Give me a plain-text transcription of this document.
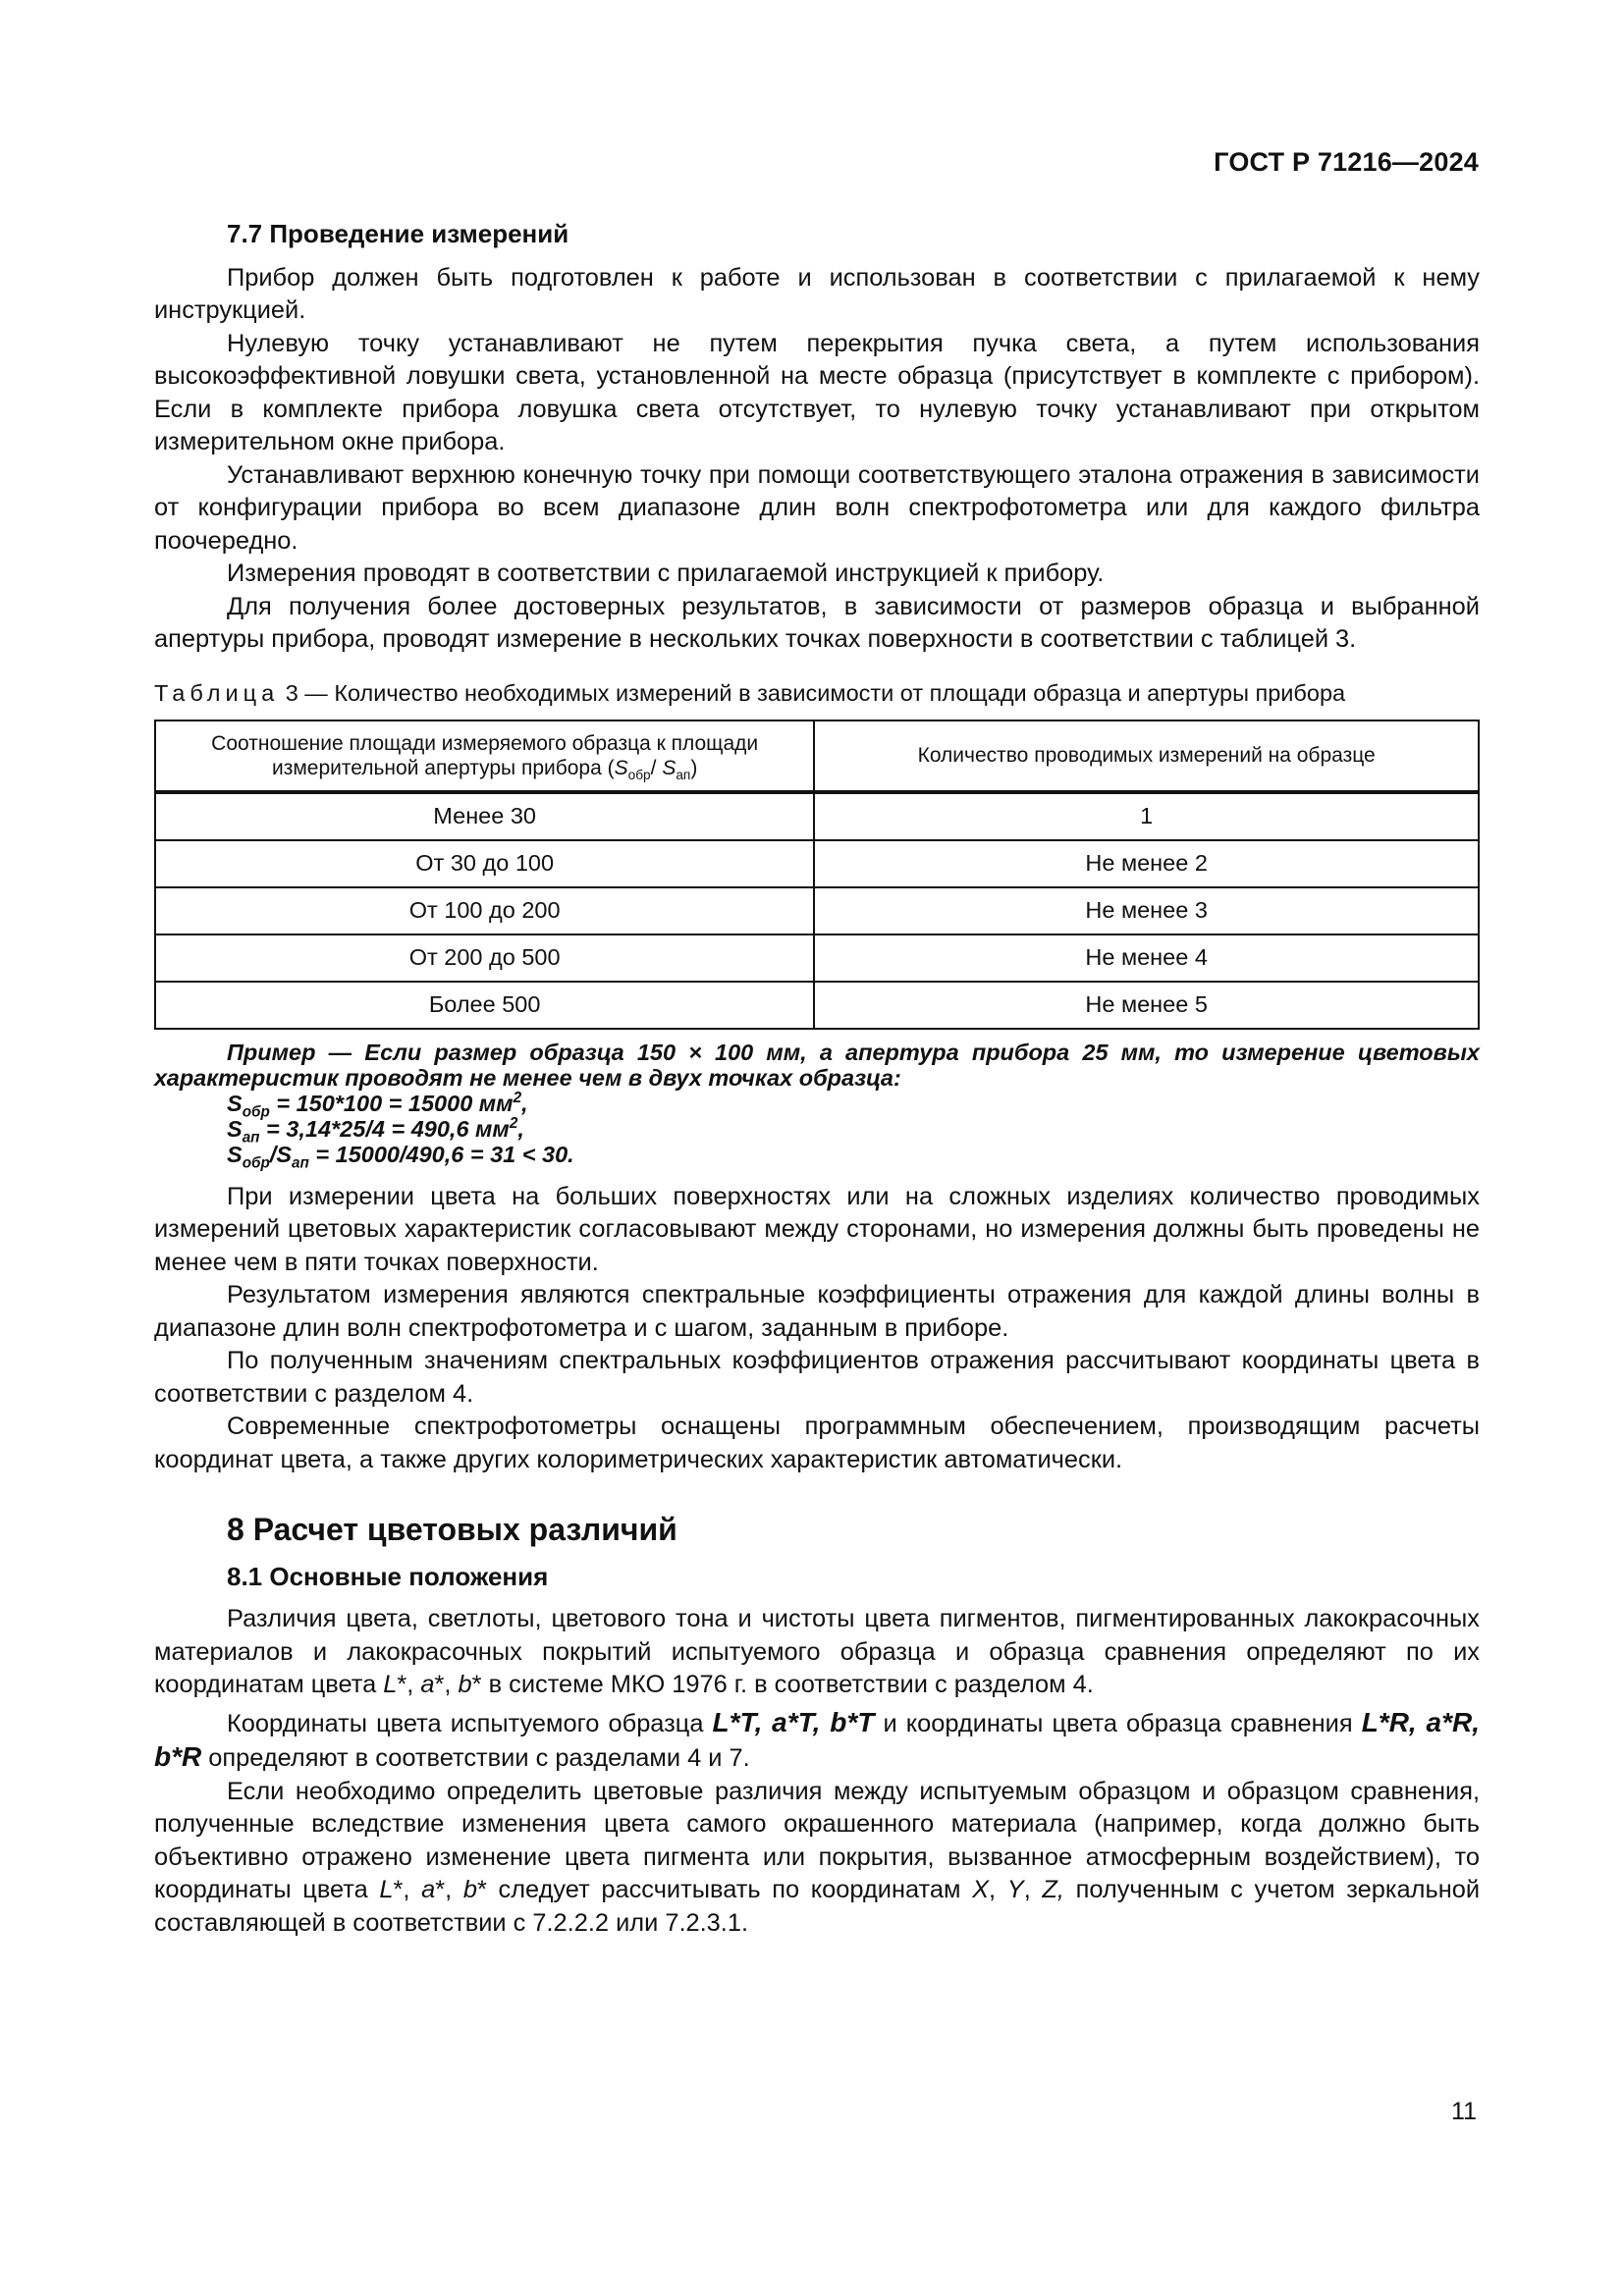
ГОСТ Р 71216—2024
7.7 Проведение измерений

Прибор должен быть подготовлен к работе и использован в соответствии с прилагаемой к нему инструкцией.

Нулевую точку устанавливают не путем перекрытия пучка света, а путем использования высокоэффективной ловушки света, установленной на месте образца (присутствует в комплекте с прибором). Если в комплекте прибора ловушка света отсутствует, то нулевую точку устанавливают при открытом измерительном окне прибора.

Устанавливают верхнюю конечную точку при помощи соответствующего эталона отражения в зависимости от конфигурации прибора во всем диапазоне длин волн спектрофотометра или для каждого фильтра поочередно.

Измерения проводят в соответствии с прилагаемой инструкцией к прибору.

Для получения более достоверных результатов, в зависимости от размеров образца и выбранной апертуры прибора, проводят измерение в нескольких точках поверхности в соответствии с таблицей 3.

Таблица 3 — Количество необходимых измерений в зависимости от площади образца и апертуры прибора
Соотношение площади измеряемого образца к площади
измерительной апертуры прибора ($S_{обр}/$ $S_{ап}$)	Количество проводимых измерений на образце
Менее 30	1
От 30 до 100	Не менее 2
От 100 до 200	Не менее 3
От 200 до 500	Не менее 4
Более 500	Не менее 5

Пример — Если размер образца 150 × 100 мм, а апертура прибора 25 мм, то измерение цветовых характеристик проводят не менее чем в двух точках образца:

$S_{обр} = 150*100 = 15000$ $мм^2$,

$S_{ап} = 3,14*25/4 = 490,6$ $мм^2$,

$S_{обр}/S_{ап} = 15000/490,6 = 31 < 30$.

При измерении цвета на больших поверхностях или на сложных изделиях количество проводимых измерений цветовых характеристик согласовывают между сторонами, но измерения должны быть проведены не менее чем в пяти точках поверхности.

Результатом измерения являются спектральные коэффициенты отражения для каждой длины волны в диапазоне длин волн спектрофотометра и с шагом, заданным в приборе.

По полученным значениям спектральных коэффициентов отражения рассчитывают координаты цвета в соответствии с разделом 4.

Современные спектрофотометры оснащены программным обеспечением, производящим расчеты координат цвета, а также других колориметрических характеристик автоматически.

8 Расчет цветовых различий
8.1 Основные положения

Различия цвета, светлоты, цветового тона и чистоты цвета пигментов, пигментированных лакокрасочных материалов и лакокрасочных покрытий испытуемого образца и образца сравнения определяют по их координатам цвета L*, a*, b* в системе МКО 1976 г. в соответствии с разделом 4.

Координаты цвета испытуемого образца L*T, a*T, b*T и координаты цвета образца сравнения L*R, a*R, b*R определяют в соответствии с разделами 4 и 7.

Если необходимо определить цветовые различия между испытуемым образцом и образцом сравнения, полученные вследствие изменения цвета самого окрашенного материала (например, когда должно быть объективно отражено изменение цвета пигмента или покрытия, вызванное атмосферным воздействием), то координаты цвета L*, a*, b* следует рассчитывать по координатам X, Y, Z, полученным с учетом зеркальной составляющей в соответствии с 7.2.2.2 или 7.2.3.1.

11
